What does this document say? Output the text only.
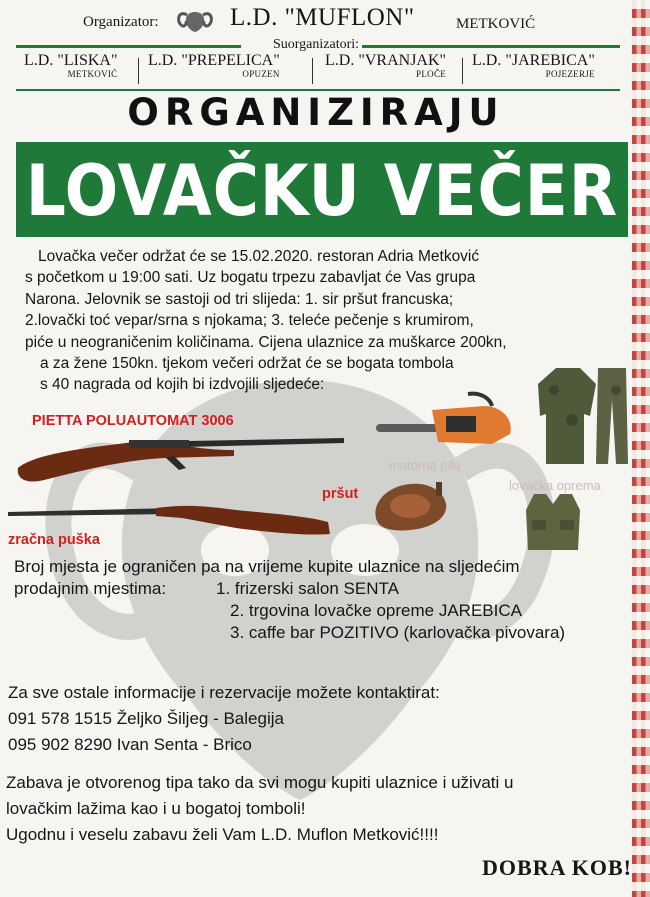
Organizator:	L.D. "MUFLON"	METKOVIĆ
Suorganizatori:
L.D. "LISKA"
METKOVIĆ
L.D. "PREPELICA"
OPUZEN
L.D. "VRANJAK"
PLOČE
L.D. "JAREBICA"
POJEZERJE
ORGANIZIRAJU
LOVAČKU VEČER
Lovačka večer održat će se 15.02.2020. restoran Adria Metković
s početkom u 19:00 sati. Uz bogatu trpezu zabavljat će Vas grupa
Narona. Jelovnik se sastoji od tri slijeda: 1. sir pršut francuska;
2.lovački toć vepar/srna s njokama; 3. teleće pečenje s krumirom,
piće u neograničenim količinama. Cijena ulaznice za muškarce 200kn,
a za žene 150kn. tjekom večeri održat će se bogata tombola
s 40 nagrada od kojih bi izdvojili sljedeće:
PIETTA POLUAUTOMAT 3006
motorna pila
pršut
lovačka oprema
zračna puška
Broj mjesta je ograničen pa na vrijeme kupite ulaznice na sljedećim
prodajnim mjestima:	1. frizerski salon SENTA
2. trgovina lovačke opreme JAREBICA
3. caffe bar POZITIVO (karlovačka pivovara)
Za sve ostale informacije i rezervacije možete kontaktirat:
091 578 1515 Željko Šiljeg - Balegija
095 902 8290 Ivan Senta - Brico
Zabava je otvorenog tipa tako da svi mogu kupiti ulaznice i uživati u
lovačkim lažima kao i u bogatoj tomboli!
Ugodnu i veselu zabavu želi Vam L.D. Muflon Metković!!!!
DOBRA KOB!
